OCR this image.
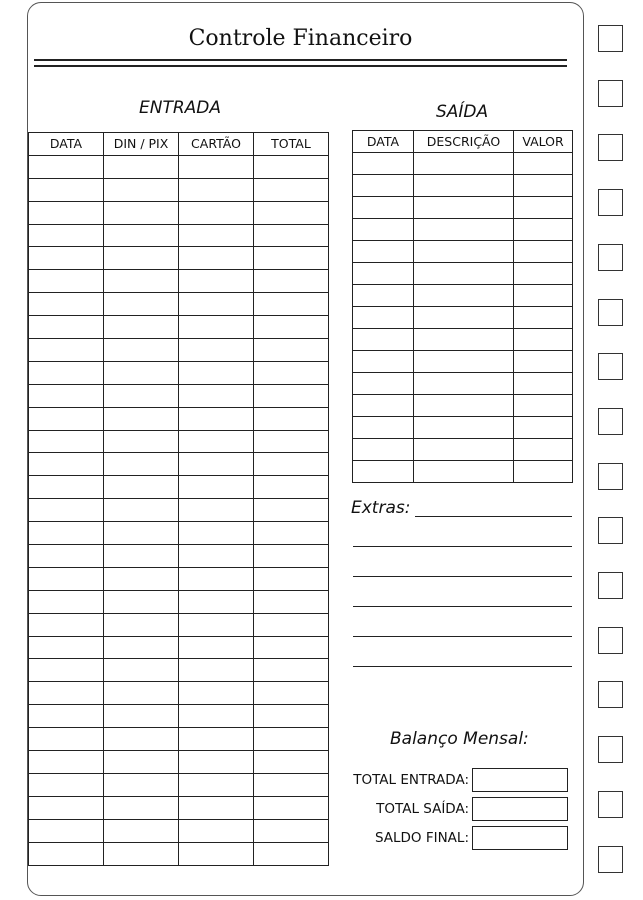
Controle Financeiro
ENTRADA
DATA	DIN / PIX	CARTÃO	TOTAL

SAÍDA
DATA	DESCRIÇÃO	VALOR

Extras:
Balanço Mensal:
TOTAL ENTRADA:
TOTAL SAÍDA:
SALDO FINAL:
